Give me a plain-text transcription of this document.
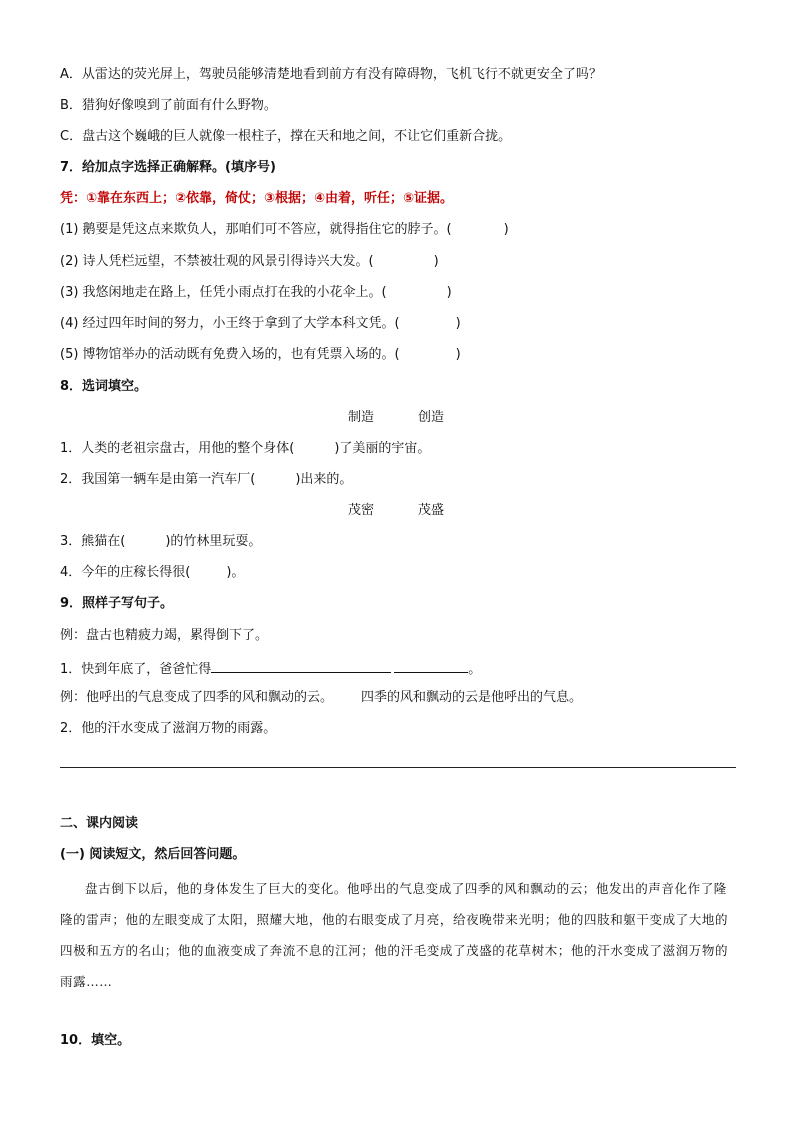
A．从雷达的荧光屏上，驾驶员能够清楚地看到前方有没有障碍物，飞机飞行不就更安全了吗？
B．猎狗好像嗅到了前面有什么野物。
C．盘古这个巍峨的巨人就像一根柱子，撑在天和地之间，不让它们重新合拢。
7．给加点字选择正确解释。(填序号)
凭：①靠在东西上；②依靠，倚仗；③根据；④由着，听任；⑤证据。
(1) 鹅要是凭这点来欺负人，那咱们可不答应，就得指住它的脖子。(	)
(2) 诗人凭栏远望，不禁被壮观的风景引得诗兴大发。(	)
(3) 我悠闲地走在路上，任凭小雨点打在我的小花伞上。(	)
(4) 经过四年时间的努力，小王终于拿到了大学本科文凭。(	)
(5) 博物馆举办的活动既有免费入场的，也有凭票入场的。(	)
8．选词填空。
制造	创造
1．人类的老祖宗盘古，用他的整个身体(	)了美丽的宇宙。
2．我国第一辆车是由第一汽车厂(	)出来的。
茂密	茂盛
3．熊猫在(	)的竹林里玩耍。
4．今年的庄稼长得很(	)。
9．照样子写句子。
例：盘古也精疲力竭，累得倒下了。
1．快到年底了，爸爸忙得	。
例：他呼出的气息变成了四季的风和飘动的云。 四季的风和飘动的云是他呼出的气息。
2．他的汗水变成了滋润万物的雨露。
二、课内阅读
(一) 阅读短文，然后回答问题。
盘古倒下以后，他的身体发生了巨大的变化。他呼出的气息变成了四季的风和飘动的云；他发出的声音化作了隆隆的雷声；他的左眼变成了太阳，照耀大地，他的右眼变成了月亮，给夜晚带来光明；他的四肢和躯干变成了大地的四极和五方的名山；他的血液变成了奔流不息的江河；他的汗毛变成了茂盛的花草树木；他的汗水变成了滋润万物的雨露……
10．填空。
